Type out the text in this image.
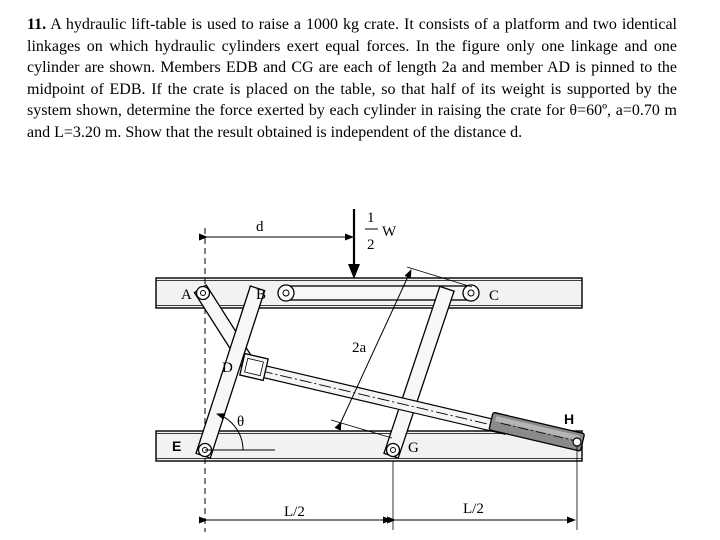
11. A hydraulic lift-table is used to raise a 1000 kg crate. It consists of a platform and two identical linkages on which hydraulic cylinders exert equal forces. In the figure only one linkage and one cylinder are shown. Members EDB and CG are each of length 2a and member AD is pinned to the midpoint of EDB. If the crate is placed on the table, so that half of its weight is supported by the system shown, determine the force exerted by each cylinder in raising the crate for θ=60º, a=0.70 m and L=3.20 m. Show that the result obtained is independent of the distance d.

d
1
2
W
2a
θ
L/2	L/2
A	B	C
D
E	G
H
